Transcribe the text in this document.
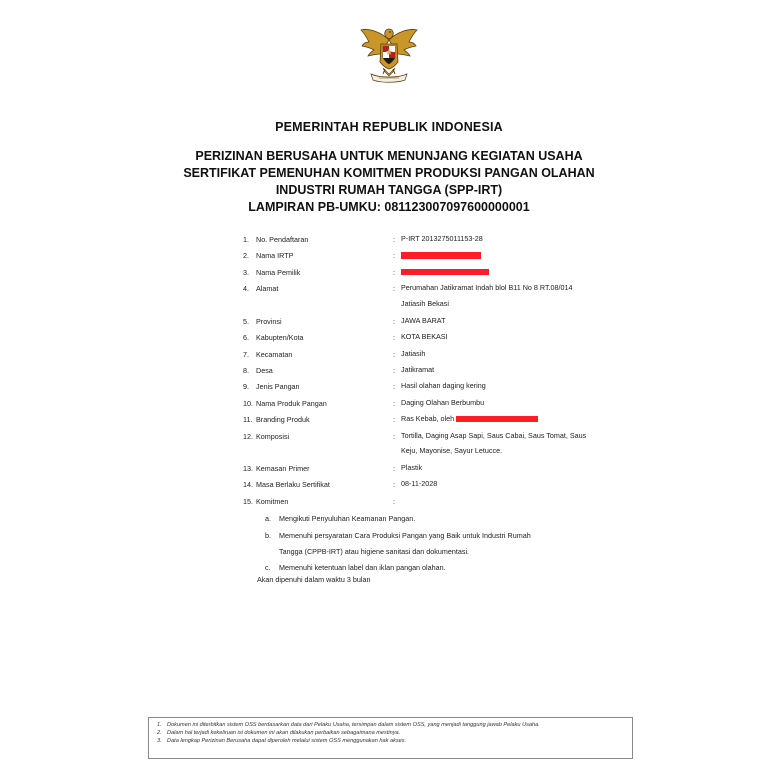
PEMERINTAH REPUBLIK INDONESIA
PERIZINAN BERUSAHA UNTUK MENUNJANG KEGIATAN USAHA
SERTIFIKAT PEMENUHAN KOMITMEN PRODUKSI PANGAN OLAHAN
INDUSTRI RUMAH TANGGA (SPP-IRT)
LAMPIRAN PB-UMKU: 081123007097600000001
1. No. Pendaftaran	: P-IRT 2013275011153-28
2. Nama IRTP	:
3. Nama Pemilik	:
4. Alamat	: Perumahan Jatikramat Indah blol B11 No 8 RT.08/014
Jatiasih Bekasi
5. Provinsi	: JAWA BARAT
6. Kabupten/Kota	: KOTA BEKASI
7. Kecamatan	: Jatiasih
8. Desa	: Jatikramat
9. Jenis Pangan	: Hasil olahan daging kering
10. Nama Produk Pangan	: Daging Olahan Berbumbu
11. Branding Produk	: Ras Kebab, oleh
12. Komposisi	: Tortilla, Daging Asap Sapi, Saus Cabai, Saus Tomat, Saus
Keju, Mayonise, Sayur Letucce.
13. Kemasan Primer	: Plastik
14. Masa Berlaku Sertifikat	: 08-11-2028
15. Komitmen	:
a.	Mengikuti Penyuluhan Keamanan Pangan.
b.	Memenuhi persyaratan Cara Produksi Pangan yang Baik untuk Industri Rumah
Tangga (CPPB-IRT) atau higiene sanitasi dan dokumentasi.
c.	Memenuhi ketentuan label dan iklan pangan olahan.
Akan dipenuhi dalam waktu 3 bulan
1. Dokumen ini diterbitkan sistem OSS berdasarkan data dari Pelaku Usaha, tersimpan dalam sistem OSS, yang menjadi tanggung jawab Pelaku Usaha.
2. Dalam hal terjadi kekeliruan isi dokumen ini akan dilakukan perbaikan sebagaimana mestinya.
3. Data lengkap Perizinan Berusaha dapat diperoleh melalui sistem OSS menggunakan hak akses.
